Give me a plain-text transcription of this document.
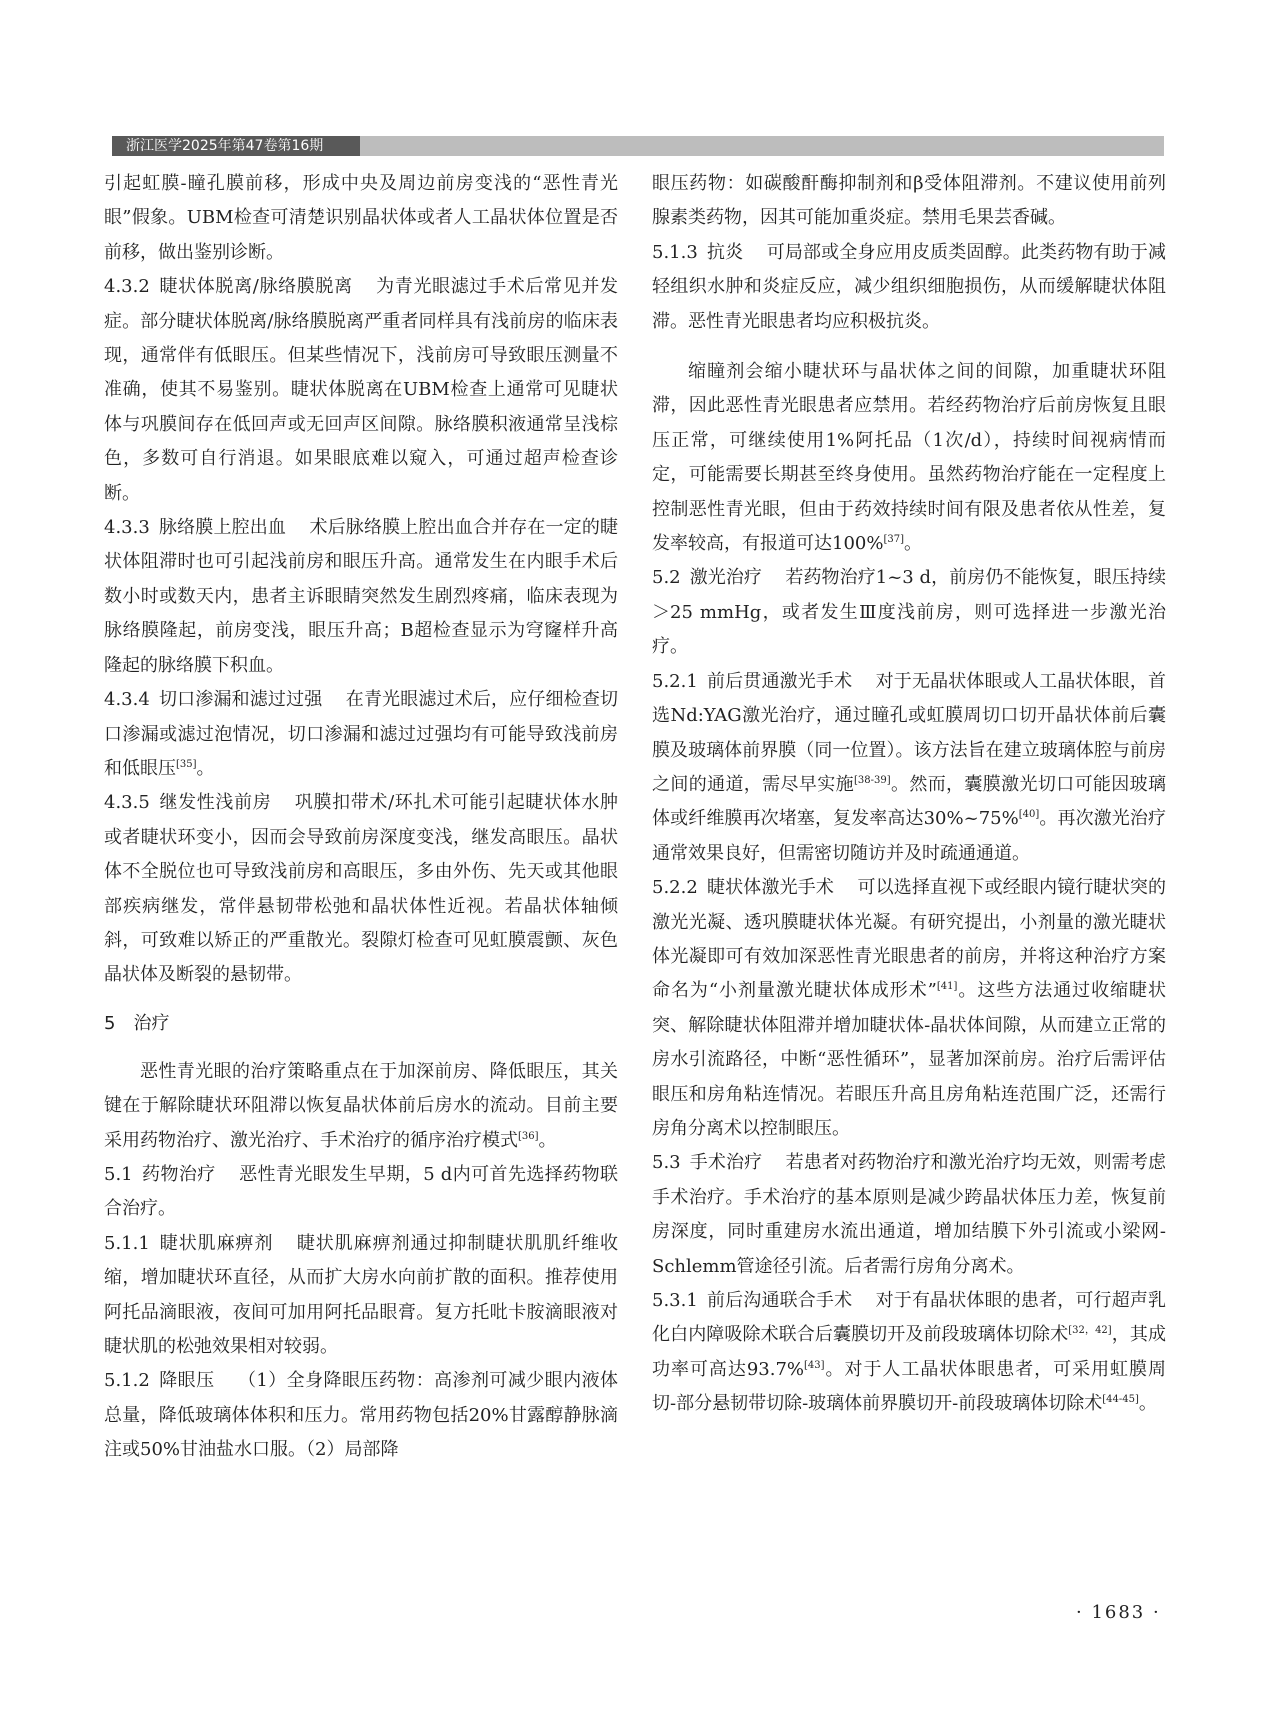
浙江医学2025年第47卷第16期

引起虹膜-瞳孔膜前移，形成中央及周边前房变浅的“恶性青光眼”假象。UBM检查可清楚识别晶状体或者人工晶状体位置是否前移，做出鉴别诊断。

4.3.2 睫状体脱离/脉络膜脱离 为青光眼滤过手术后常见并发症。部分睫状体脱离/脉络膜脱离严重者同样具有浅前房的临床表现，通常伴有低眼压。但某些情况下，浅前房可导致眼压测量不准确，使其不易鉴别。睫状体脱离在UBM检查上通常可见睫状体与巩膜间存在低回声或无回声区间隙。脉络膜积液通常呈浅棕色，多数可自行消退。如果眼底难以窥入，可通过超声检查诊断。

4.3.3 脉络膜上腔出血 术后脉络膜上腔出血合并存在一定的睫状体阻滞时也可引起浅前房和眼压升高。通常发生在内眼手术后数小时或数天内，患者主诉眼睛突然发生剧烈疼痛，临床表现为脉络膜隆起，前房变浅，眼压升高；B超检查显示为穹窿样升高隆起的脉络膜下积血。

4.3.4 切口渗漏和滤过过强 在青光眼滤过术后，应仔细检查切口渗漏或滤过泡情况，切口渗漏和滤过过强均有可能导致浅前房和低眼压[35]。

4.3.5 继发性浅前房 巩膜扣带术/环扎术可能引起睫状体水肿或者睫状环变小，因而会导致前房深度变浅，继发高眼压。晶状体不全脱位也可导致浅前房和高眼压，多由外伤、先天或其他眼部疾病继发，常伴悬韧带松弛和晶状体性近视。若晶状体轴倾斜，可致难以矫正的严重散光。裂隙灯检查可见虹膜震颤、灰色晶状体及断裂的悬韧带。

5 治疗

恶性青光眼的治疗策略重点在于加深前房、降低眼压，其关键在于解除睫状环阻滞以恢复晶状体前后房水的流动。目前主要采用药物治疗、激光治疗、手术治疗的循序治疗模式[36]。

5.1 药物治疗 恶性青光眼发生早期，5 d内可首先选择药物联合治疗。

5.1.1 睫状肌麻痹剂 睫状肌麻痹剂通过抑制睫状肌肌纤维收缩，增加睫状环直径，从而扩大房水向前扩散的面积。推荐使用阿托品滴眼液，夜间可加用阿托品眼膏。复方托吡卡胺滴眼液对睫状肌的松弛效果相对较弱。

5.1.2 降眼压 （1）全身降眼压药物：高渗剂可减少眼内液体总量，降低玻璃体体积和压力。常用药物包括20%甘露醇静脉滴注或50%甘油盐水口服。（2）局部降

眼压药物：如碳酸酐酶抑制剂和β受体阻滞剂。不建议使用前列腺素类药物，因其可能加重炎症。禁用毛果芸香碱。

5.1.3 抗炎 可局部或全身应用皮质类固醇。此类药物有助于减轻组织水肿和炎症反应，减少组织细胞损伤，从而缓解睫状体阻滞。恶性青光眼患者均应积极抗炎。

缩瞳剂会缩小睫状环与晶状体之间的间隙，加重睫状环阻滞，因此恶性青光眼患者应禁用。若经药物治疗后前房恢复且眼压正常，可继续使用1%阿托品（1次/d），持续时间视病情而定，可能需要长期甚至终身使用。虽然药物治疗能在一定程度上控制恶性青光眼，但由于药效持续时间有限及患者依从性差，复发率较高，有报道可达100%[37]。

5.2 激光治疗 若药物治疗1~3 d，前房仍不能恢复，眼压持续＞25 mmHg，或者发生Ⅲ度浅前房，则可选择进一步激光治疗。

5.2.1 前后贯通激光手术 对于无晶状体眼或人工晶状体眼，首选Nd:YAG激光治疗，通过瞳孔或虹膜周切口切开晶状体前后囊膜及玻璃体前界膜（同一位置）。该方法旨在建立玻璃体腔与前房之间的通道，需尽早实施[38-39]。然而，囊膜激光切口可能因玻璃体或纤维膜再次堵塞，复发率高达30%~75%[40]。再次激光治疗通常效果良好，但需密切随访并及时疏通通道。

5.2.2 睫状体激光手术 可以选择直视下或经眼内镜行睫状突的激光光凝、透巩膜睫状体光凝。有研究提出，小剂量的激光睫状体光凝即可有效加深恶性青光眼患者的前房，并将这种治疗方案命名为“小剂量激光睫状体成形术”[41]。这些方法通过收缩睫状突、解除睫状体阻滞并增加睫状体-晶状体间隙，从而建立正常的房水引流路径，中断“恶性循环”，显著加深前房。治疗后需评估眼压和房角粘连情况。若眼压升高且房角粘连范围广泛，还需行房角分离术以控制眼压。

5.3 手术治疗 若患者对药物治疗和激光治疗均无效，则需考虑手术治疗。手术治疗的基本原则是减少跨晶状体压力差，恢复前房深度，同时重建房水流出通道，增加结膜下外引流或小梁网-Schlemm管途径引流。后者需行房角分离术。

5.3.1 前后沟通联合手术 对于有晶状体眼的患者，可行超声乳化白内障吸除术联合后囊膜切开及前段玻璃体切除术[32，42]，其成功率可高达93.7%[43]。对于人工晶状体眼患者，可采用虹膜周切-部分悬韧带切除-玻璃体前界膜切开-前段玻璃体切除术[44-45]。

· 1683 ·
